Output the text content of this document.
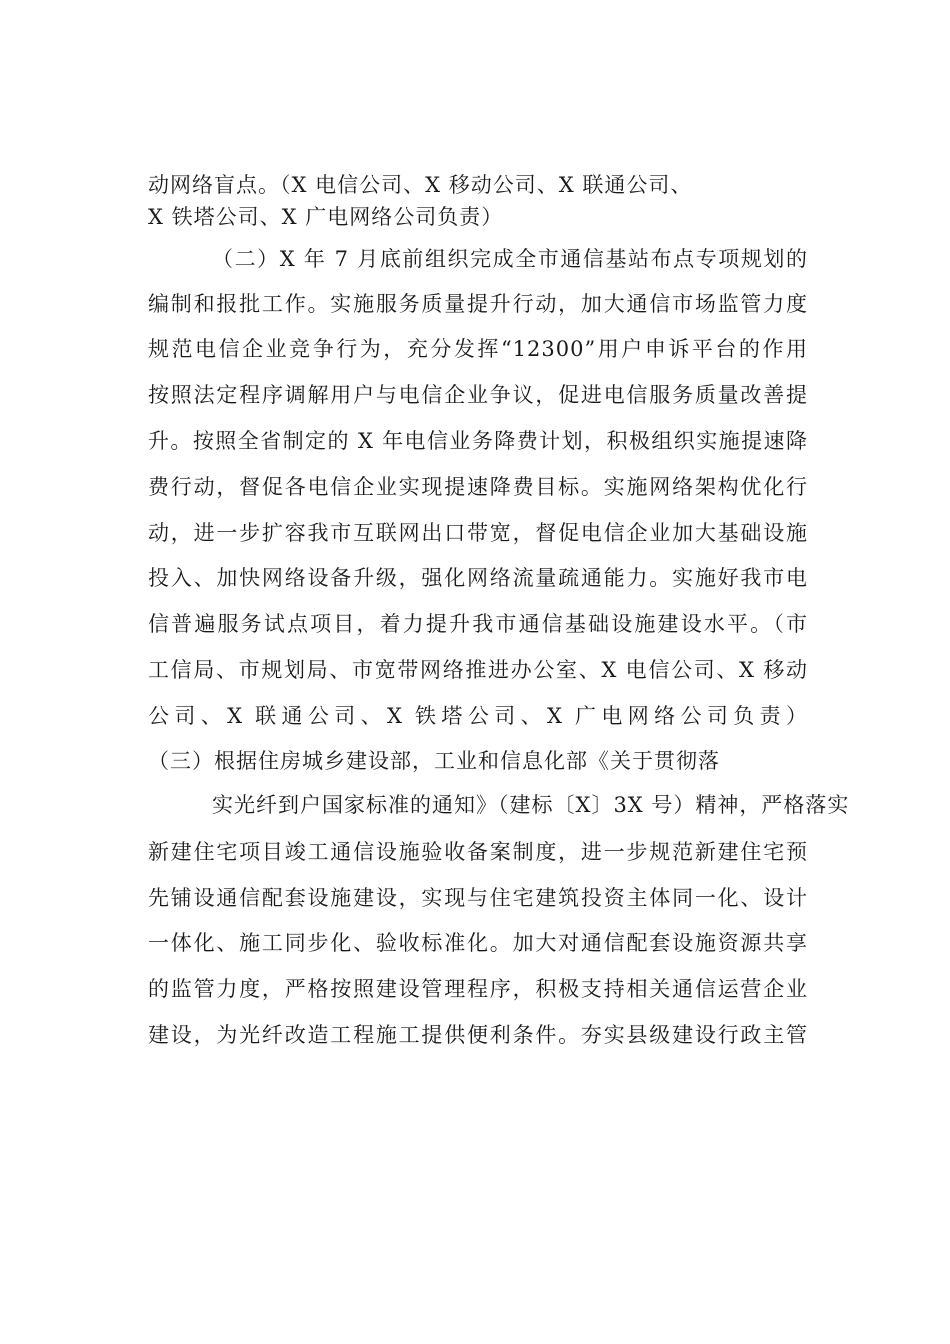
动网络盲点。（X 电信公司、X 移动公司、X 联通公司、
X 铁塔公司、X 广电网络公司负责）
（二）X 年 7 月底前组织完成全市通信基站布点专项规划的
编制和报批工作。实施服务质量提升行动，加大通信市场监管力度
规范电信企业竞争行为，充分发挥“12300”用户申诉平台的作用
按照法定程序调解用户与电信企业争议，促进电信服务质量改善提
升。按照全省制定的 X 年电信业务降费计划，积极组织实施提速降
费行动，督促各电信企业实现提速降费目标。实施网络架构优化行
动，进一步扩容我市互联网出口带宽，督促电信企业加大基础设施
投入、加快网络设备升级，强化网络流量疏通能力。实施好我市电
信普遍服务试点项目，着力提升我市通信基础设施建设水平。（市
工信局、市规划局、市宽带网络推进办公室、X 电信公司、X 移动
公司、X 联通公司、X 铁塔公司、X 广电网络公司负责）
（三）根据住房城乡建设部，工业和信息化部《关于贯彻落
实光纤到户国家标准的通知》（建标〔X〕3X 号）精神，严格落实
新建住宅项目竣工通信设施验收备案制度，进一步规范新建住宅预
先铺设通信配套设施建设，实现与住宅建筑投资主体同一化、设计
一体化、施工同步化、验收标准化。加大对通信配套设施资源共享
的监管力度，严格按照建设管理程序，积极支持相关通信运营企业
建设，为光纤改造工程施工提供便利条件。夯实县级建设行政主管
